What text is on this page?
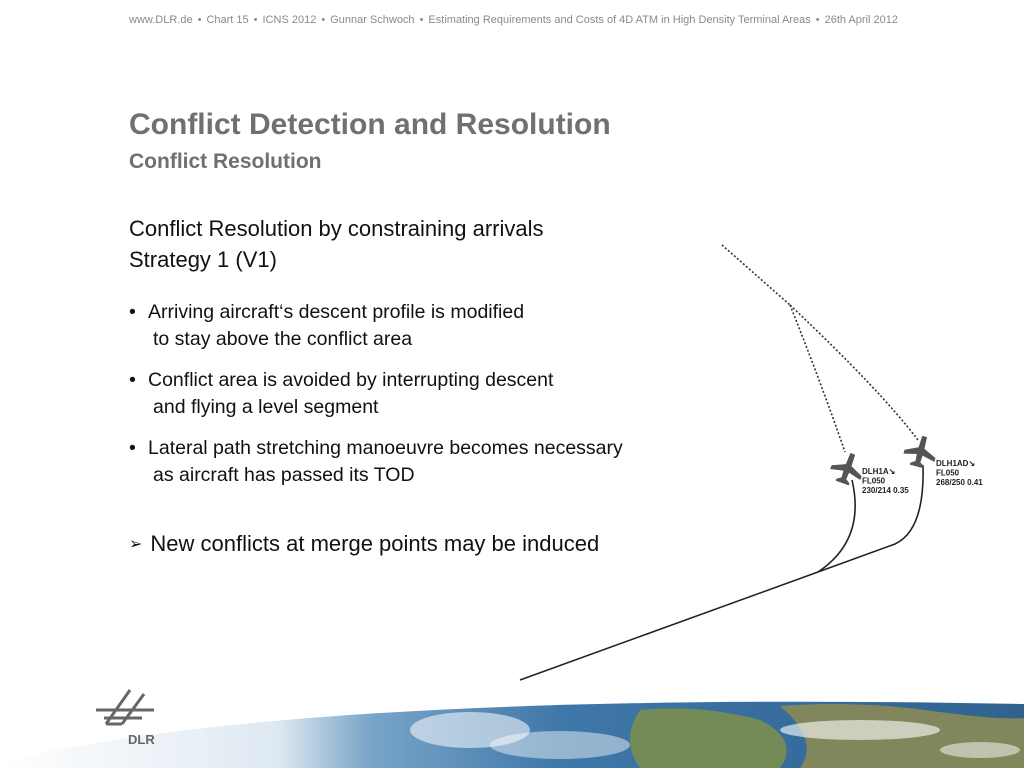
www.DLR.de • Chart 15 • ICNS 2012 • Gunnar Schwoch • Estimating Requirements and Costs of 4D ATM in High Density Terminal Areas • 26th April 2012
Conflict Detection and Resolution
Conflict Resolution
Conflict Resolution by constraining arrivals
Strategy 1 (V1)
• Arriving aircraft‘s descent profile is modified
to stay above the conflict area
• Conflict area is avoided by interrupting descent
and flying a level segment
• Lateral path stretching manoeuvre becomes necessary
as aircraft has passed its TOD
➢ New conflicts at merge points may be induced
DLH1A↘ FL050 230/214 0.35
DLH1AD↘ FL050 268/250 0.41
DLR
